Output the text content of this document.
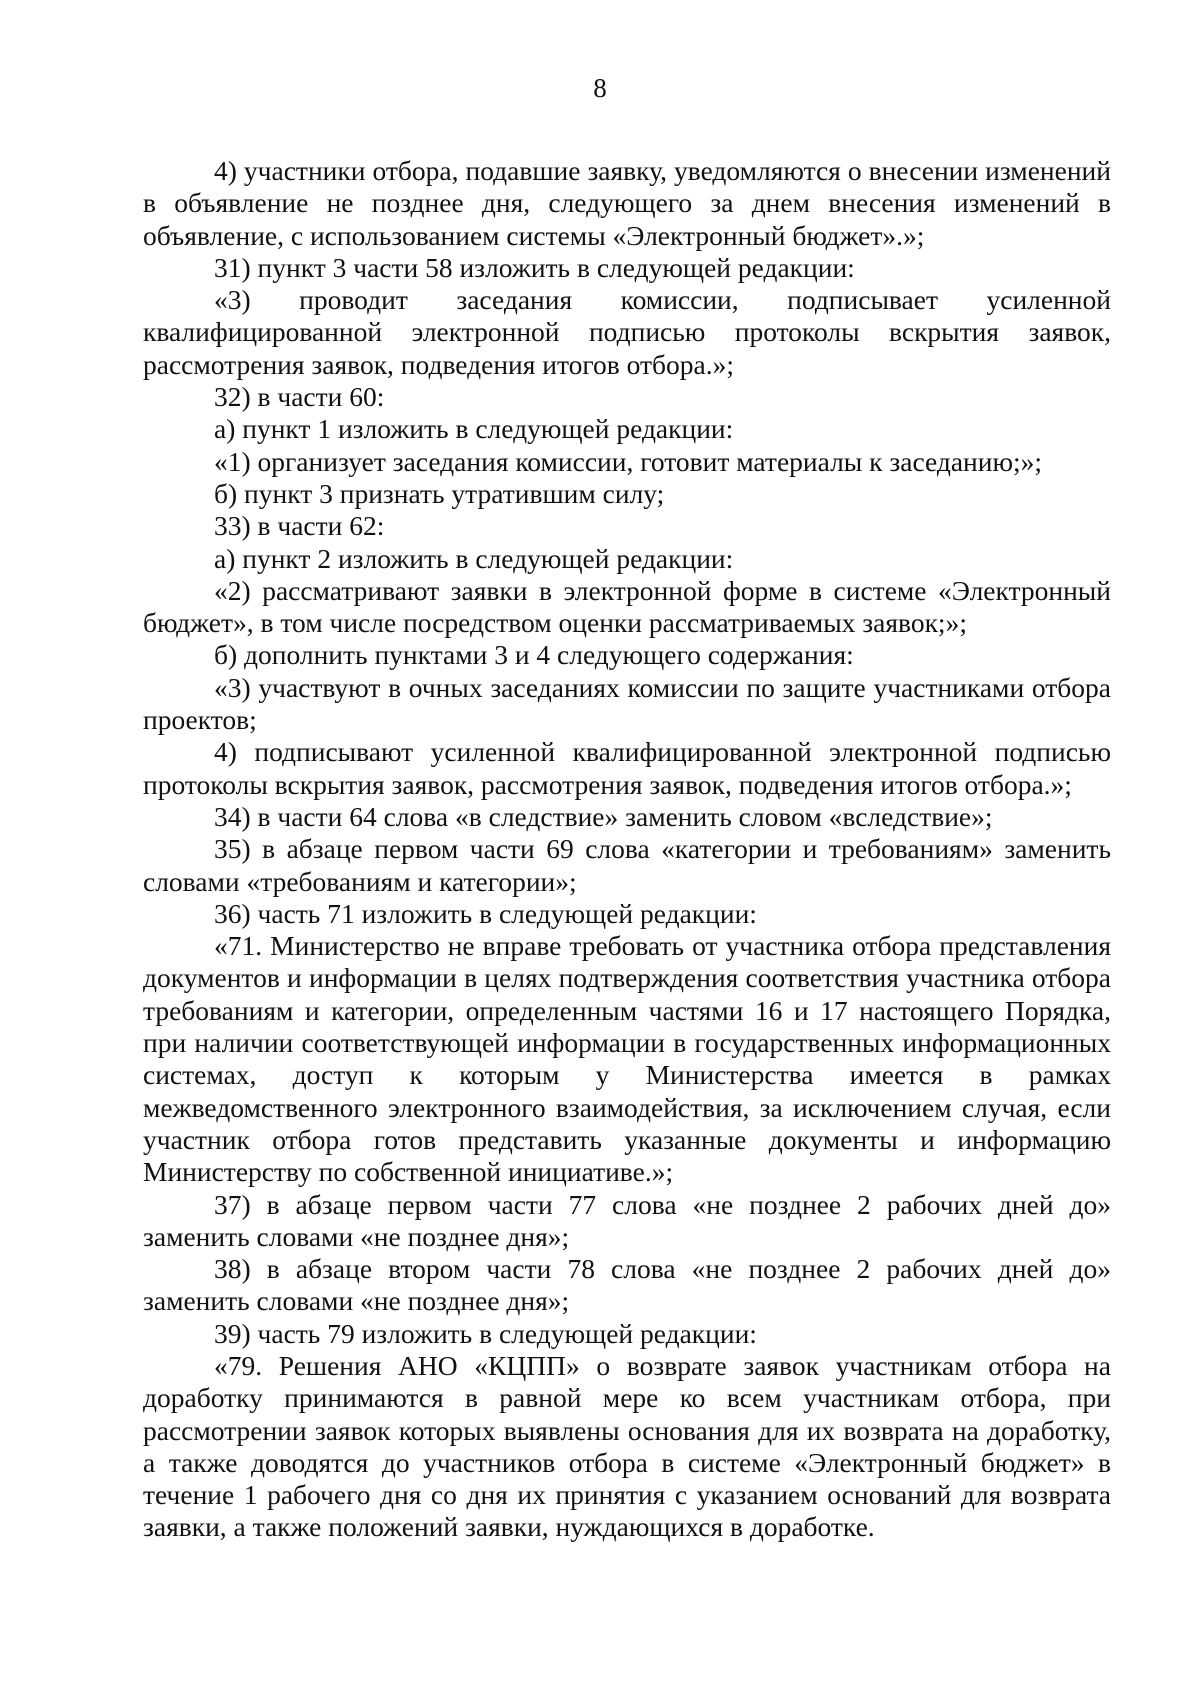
8

4) участники отбора, подавшие заявку, уведомляются о внесении изменений в объявление не позднее дня, следующего за днем внесения изменений в объявление, с использованием системы «Электронный бюджет».»;

31) пункт 3 части 58 изложить в следующей редакции:

«3) проводит заседания комиссии, подписывает усиленной квалифицированной электронной подписью протоколы вскрытия заявок, рассмотрения заявок, подведения итогов отбора.»;

32) в части 60:

а) пункт 1 изложить в следующей редакции:

«1) организует заседания комиссии, готовит материалы к заседанию;»;

б) пункт 3 признать утратившим силу;

33) в части 62:

а) пункт 2 изложить в следующей редакции:

«2) рассматривают заявки в электронной форме в системе «Электронный бюджет», в том числе посредством оценки рассматриваемых заявок;»;

б) дополнить пунктами 3 и 4 следующего содержания:

«3) участвуют в очных заседаниях комиссии по защите участниками отбора проектов;

4) подписывают усиленной квалифицированной электронной подписью протоколы вскрытия заявок, рассмотрения заявок, подведения итогов отбора.»;

34) в части 64 слова «в следствие» заменить словом «вследствие»;

35) в абзаце первом части 69 слова «категории и требованиям» заменить словами «требованиям и категории»;

36) часть 71 изложить в следующей редакции:

«71. Министерство не вправе требовать от участника отбора представления документов и информации в целях подтверждения соответствия участника отбора требованиям и категории, определенным частями 16 и 17 настоящего Порядка, при наличии соответствующей информации в государственных информационных системах, доступ к которым у Министерства имеется в рамках межведомственного электронного взаимодействия, за исключением случая, если участник отбора готов представить указанные документы и информацию Министерству по собственной инициативе.»;

37) в абзаце первом части 77 слова «не позднее 2 рабочих дней до» заменить словами «не позднее дня»;

38) в абзаце втором части 78 слова «не позднее 2 рабочих дней до» заменить словами «не позднее дня»;

39) часть 79 изложить в следующей редакции:

«79. Решения АНО «КЦПП» о возврате заявок участникам отбора на доработку принимаются в равной мере ко всем участникам отбора, при рассмотрении заявок которых выявлены основания для их возврата на доработку, а также доводятся до участников отбора в системе «Электронный бюджет» в течение 1 рабочего дня со дня их принятия с указанием оснований для возврата заявки, а также положений заявки, нуждающихся в доработке.
